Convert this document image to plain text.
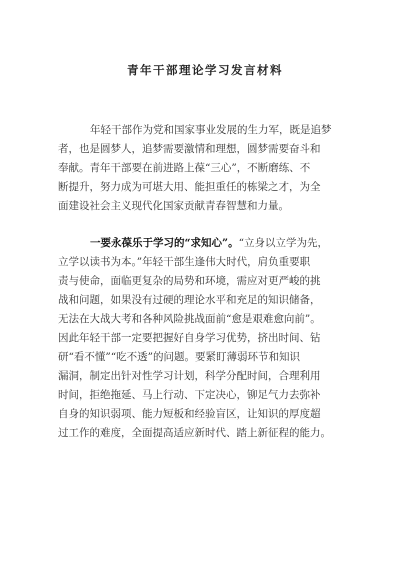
青年干部理论学习发言材料
年轻干部作为党和国家事业发展的生力军，既是追梦
者，也是圆梦人，追梦需要激情和理想，圆梦需要奋斗和
奉献。青年干部要在前进路上葆“三心”，不断磨练、不
断提升，努力成为可堪大用、能担重任的栋梁之才，为全
面建设社会主义现代化国家贡献青春智慧和力量。
一要永葆乐于学习的“求知心”。“立身以立学为先，
立学以读书为本。”年轻干部生逢伟大时代，肩负重要职
责与使命，面临更复杂的局势和环境，需应对更严峻的挑
战和问题，如果没有过硬的理论水平和充足的知识储备，
无法在大战大考和各种风险挑战面前“愈是艰难愈向前”。
因此年轻干部一定要把握好自身学习优势，挤出时间、钻
研“看不懂”“吃不透”的问题。要紧盯薄弱环节和知识
漏洞，制定出针对性学习计划，科学分配时间，合理利用
时间，拒绝拖延、马上行动、下定决心，铆足气力去弥补
自身的知识弱项、能力短板和经验盲区，让知识的厚度超
过工作的难度，全面提高适应新时代、踏上新征程的能力。
